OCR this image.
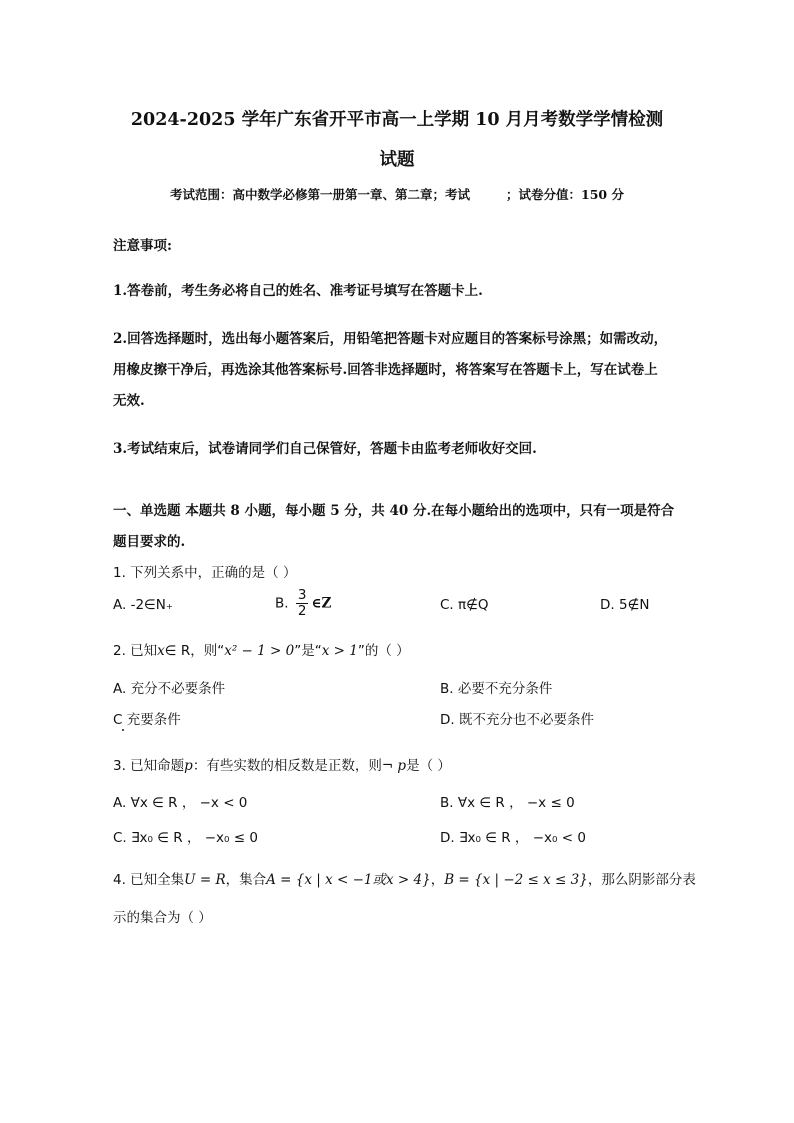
2024-2025 学年广东省开平市高一上学期 10 月月考数学学情检测
试题
考试范围：高中数学必修第一册第一章、第二章；考试	；试卷分值：150 分
注意事项:
1.答卷前，考生务必将自己的姓名、准考证号填写在答题卡上.
2.回答选择题时，选出每小题答案后，用铅笔把答题卡对应题目的答案标号涂黑；如需改动，
用橡皮擦干净后，再选涂其他答案标号.回答非选择题时，将答案写在答题卡上，写在试卷上
无效.
3.考试结束后，试卷请同学们自己保管好，答题卡由监考老师收好交回.
一、单选题 本题共 8 小题，每小题 5 分，共 40 分.在每小题给出的选项中，只有一项是符合
题目要求的.
1. 下列关系中，正确的是（ ）
A. -2∈N₊	B. $\frac{3}{2}$ ∈Z	C. π∉Q	D. 5∉N
2. 已知x∈ R，则“x² − 1 > 0”是“x > 1”的（ ）
A. 充分不必要条件	B. 必要不充分条件
C 充要条件	D. 既不充分也不必要条件
3. 已知命题p：有些实数的相反数是正数，则¬ p是（ ）
A. ∀x ∈ R ， −x < 0	B. ∀x ∈ R ， −x ≤ 0
C. ∃x₀ ∈ R ， −x₀ ≤ 0	D. ∃x₀ ∈ R ， −x₀ < 0
4. 已知全集U = R，集合A = {x | x < −1或x > 4}，B = {x | −2 ≤ x ≤ 3}，那么阴影部分表
示的集合为（ ）
